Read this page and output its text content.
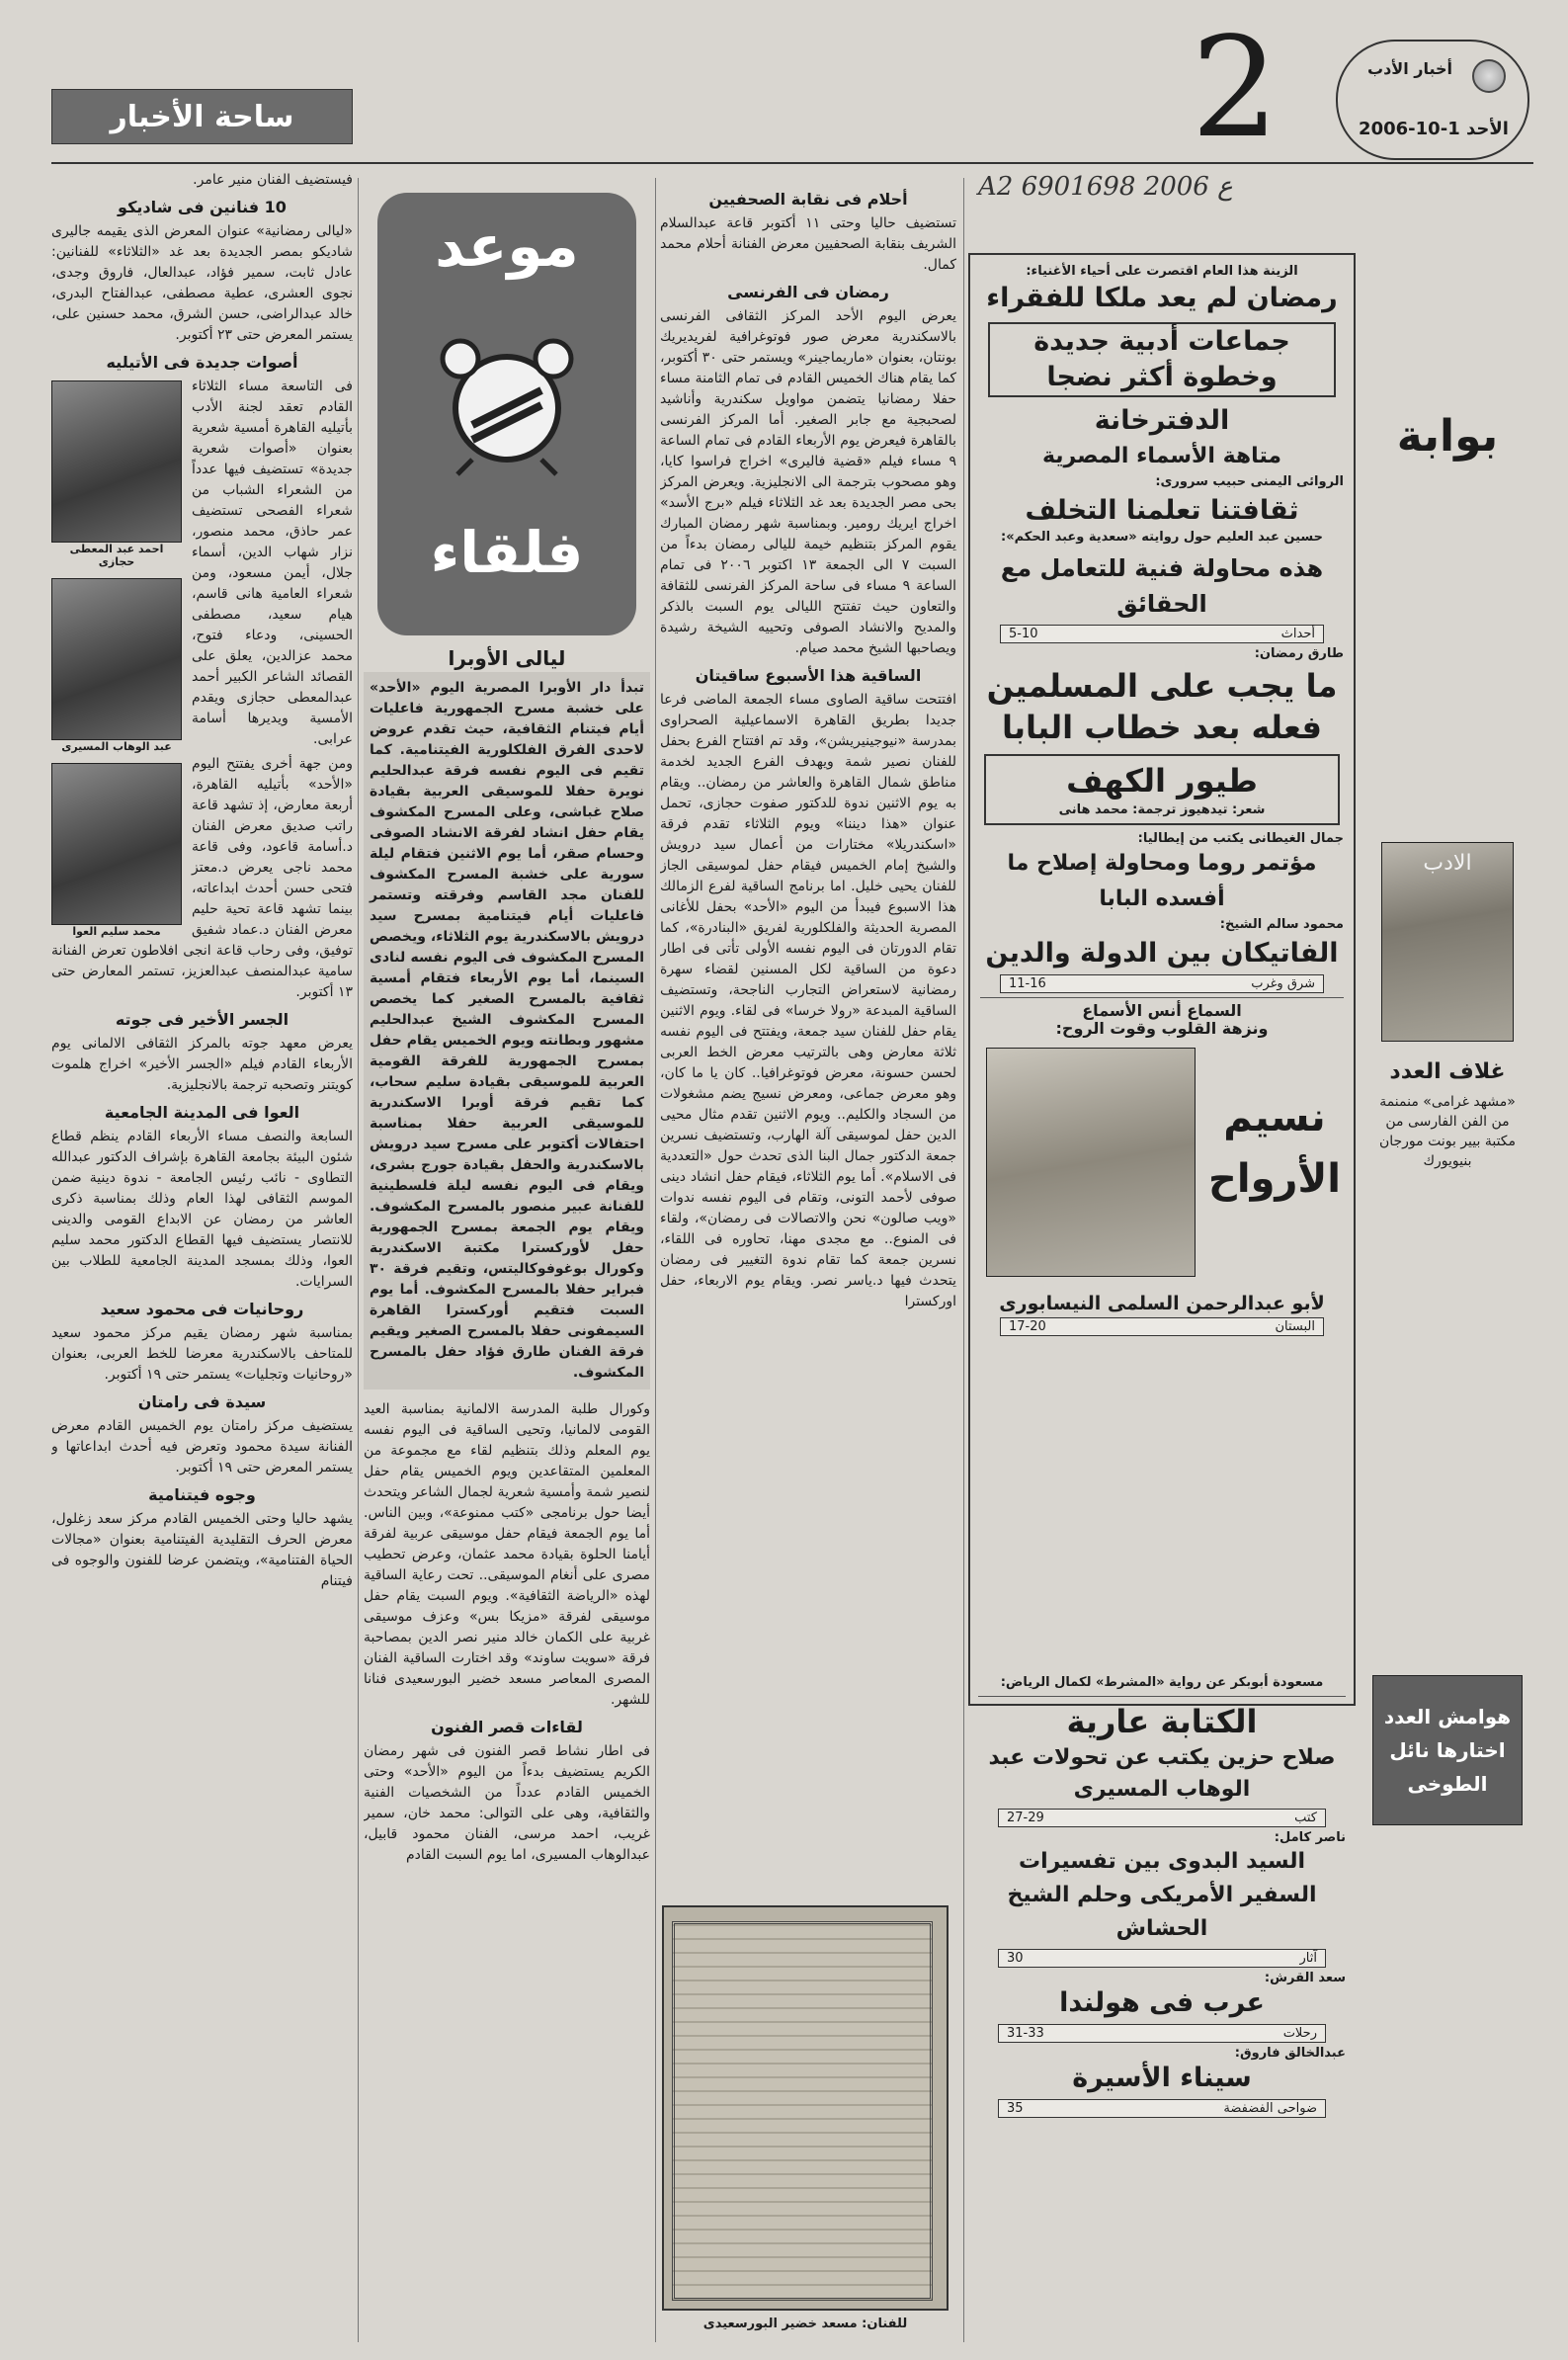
أخبار الأدب
الأحد 1-10-2006
2
A2 690ع 2006 1698
ساحة الأخبار
بوابة
الادب
غلاف العدد
«مشهد غرامى» منمنمة من الفن الفارسى من مكتبة بيير بونت مورجان بنيويورك
هوامش العدد اختارها نائل الطوخى
الزينة هذا العام اقتصرت على أحياء الأغنياء:
رمضان لم يعد ملكا للفقراء
جماعات أدبية جديدة وخطوة أكثر نضجا
الدفترخانة
متاهة الأسماء المصرية
الروائى اليمنى حبيب سرورى:
ثقافتنا تعلمنا التخلف
حسين عبد العليم حول روايته «سعدية وعبد الحكم»:
هذه محاولة فنية للتعامل مع الحقائق
أحداث
5-10
طارق رمضان:
ما يجب على المسلمين فعله بعد خطاب البابا
طيور الكهف
شعر: تيدهيوز ترجمة: محمد هانى
جمال الغيطانى يكتب من إيطاليا:
مؤتمر روما ومحاولة إصلاح ما أفسده البابا
محمود سالم الشيخ:
الفاتيكان بين الدولة والدين
شرق وغرب
11-16
السماع أنس الأسماع
ونزهة القلوب وقوت الروح:
نسيم الأرواح
لأبو عبدالرحمن السلمى النيسابورى
البستان
17-20
مسعودة أبوبكر عن رواية «المشرط» لكمال الرياض:
الكتابة عارية
صلاح حزين يكتب عن تحولات عبد الوهاب المسيرى
كتب
27-29
ناصر كامل:
السيد البدوى بين تفسيرات السفير الأمريكى وحلم الشيخ الحشاش
آثار
30
سعد القرش:
عرب فى هولندا
رحلات
31-33
عبدالخالق فاروق:
سيناء الأسيرة
ضواحى الفضفضة
35
أحلام فى نقابة الصحفيين

تستضيف حاليا وحتى ١١ أكتوبر قاعة عبدالسلام الشريف بنقابة الصحفيين معرض الفنانة أحلام محمد كمال.

رمضان فى الفرنسى

يعرض اليوم الأحد المركز الثقافى الفرنسى بالاسكندرية معرض صور فوتوغرافية لفريديريك بونتان، بعنوان «ماريماجينر» ويستمر حتى ٣٠ أكتوبر، كما يقام هناك الخميس القادم فى تمام الثامنة مساء حفلا رمضانيا يتضمن مواويل سكندرية وأناشيد لصحبجية مع جابر الصغير. أما المركز الفرنسى بالقاهرة فيعرض يوم الأربعاء القادم فى تمام الساعة ٩ مساء فيلم «قضية فاليرى» اخراج فراسوا كايا، وهو مصحوب بترجمة الى الانجليزية. ويعرض المركز بحى مصر الجديدة بعد غد الثلاثاء فيلم «برج الأسد» اخراج ايريك رومير. وبمناسبة شهر رمضان المبارك يقوم المركز بتنظيم خيمة لليالى رمضان بدءاً من السبت ٧ الى الجمعة ١٣ اكتوبر ٢٠٠٦ فى تمام الساعة ٩ مساء فى ساحة المركز الفرنسى للثقافة والتعاون حيث تفتتح الليالى يوم السبت بالذكر والمديح والانشاد الصوفى وتحييه الشيخة رشيدة ويصاحبها الشيخ محمد صيام.

الساقية هذا الأسبوع ساقيتان

افتتحت ساقية الصاوى مساء الجمعة الماضى فرعا جديدا بطريق القاهرة الاسماعيلية الصحراوى بمدرسة «نيوجينيريشن»، وقد تم افتتاح الفرع بحفل للفنان نصير شمة ويهدف الفرع الجديد لخدمة مناطق شمال القاهرة والعاشر من رمضان.. ويقام به يوم الاثنين ندوة للدكتور صفوت حجازى، تحمل عنوان «هذا ديننا» ويوم الثلاثاء تقدم فرقة «اسكندريلا» مختارات من أعمال سيد درويش والشيخ إمام الخميس فيقام حفل لموسيقى الجاز للفنان يحيى خليل. اما برنامج الساقية لفرع الزمالك هذا الاسبوع فيبدأ من اليوم «الأحد» بحفل للأغانى المصرية الحديثة والفلكلورية لفريق «البنادرة»، كما تقام الدورتان فى اليوم نفسه الأولى تأتى فى اطار دعوة من الساقية لكل المسنين لقضاء سهرة رمضانية لاستعراض التجارب الناجحة، وتستضيف الساقية المبدعة «رولا خرسا» فى لقاء. ويوم الاثنين يقام حفل للفنان سيد جمعة، ويفتتح فى اليوم نفسه ثلاثة معارض وهى بالترتيب معرض الخط العربى لحسن حسونة، معرض فوتوغرافيا.. كان يا ما كان، وهو معرض جماعى، ومعرض نسيج يضم مشغولات من السجاد والكليم.. ويوم الاثنين تقدم مثال محيى الدين حفل لموسيقى آلة الهارب، وتستضيف نسرين جمعة الدكتور جمال البنا الذى تحدث حول «التعددية فى الاسلام». أما يوم الثلاثاء، فيقام حفل انشاد دينى صوفى لأحمد التونى، وتقام فى اليوم نفسه ندوات «ويب صالون» نحن والاتصالات فى رمضان»، ولقاء فى المنوع.. مع مجدى مهنا، تحاوره فى اللقاء، نسرين جمعة كما تقام ندوة التغيير فى رمضان يتحدث فيها د.ياسر نصر. ويقام يوم الاربعاء، حفل اوركسترا

موعد
فلقاء
ليالى الأوبرا

تبدأ دار الأوبرا المصرية اليوم «الأحد» على خشبة مسرح الجمهورية فاعليات أيام فيتنام الثقافية، حيث تقدم عروض لاحدى الفرق الفلكلورية الفيتنامية. كما تقيم فى اليوم نفسه فرقة عبدالحليم نويرة حفلا للموسيقى العربية بقيادة صلاح غباشى، وعلى المسرح المكشوف يقام حفل انشاد لفرقة الانشاد الصوفى وحسام صقر، أما يوم الاثنين فتقام ليلة سورية على خشبة المسرح المكشوف للفنان مجد القاسم وفرقته وتستمر فاعليات أيام فيتنامية بمسرح سيد درويش بالاسكندرية يوم الثلاثاء، ويخصص المسرح المكشوف فى اليوم نفسه لنادى السينما، أما يوم الأربعاء فتقام أمسية ثقافية بالمسرح الصغير كما يخصص المسرح المكشوف الشيخ عبدالحليم مشهور وبطانته ويوم الخميس يقام حفل بمسرح الجمهورية للفرقة القومية العربية للموسيقى بقيادة سليم سحاب، كما تقيم فرقة أوبرا الاسكندرية للموسيقى العربية حفلا بمناسبة احتفالات أكتوبر على مسرح سيد درويش بالاسكندرية والحفل بقيادة جورج بشرى، ويقام فى اليوم نفسه ليلة فلسطينية للفنانة عبير منصور بالمسرح المكشوف. ويقام يوم الجمعة بمسرح الجمهورية حفل لأوركسترا مكتبة الاسكندرية وكورال بوغوفوكاليتس، وتقيم فرقة ٣٠ فبراير حفلا بالمسرح المكشوف. أما يوم السبت فتقيم أوركسترا القاهرة السيمفونى حفلا بالمسرح الصغير ويقيم فرقة الفنان طارق فؤاد حفل بالمسرح المكشوف.

وكورال طلبة المدرسة الالمانية بمناسبة العيد القومى لالمانيا، وتحيى الساقية فى اليوم نفسه يوم المعلم وذلك بتنظيم لقاء مع مجموعة من المعلمين المتقاعدين ويوم الخميس يقام حفل لنصير شمة وأمسية شعرية لجمال الشاعر ويتحدث أيضا حول برنامجى «كتب ممنوعة»، وبين الناس. أما يوم الجمعة فيقام حفل موسيقى عربية لفرقة أيامنا الحلوة بقيادة محمد عثمان، وعرض تحطيب مصرى على أنغام الموسيقى.. تحت رعاية الساقية لهذه «الرياضة الثقافية». ويوم السبت يقام حفل موسيقى لفرقة «مزيكا بس» وعزف موسيقى غربية على الكمان خالد منير نصر الدين بمصاحبة فرقة «سويت ساوند» وقد اختارت الساقية الفنان المصرى المعاصر مسعد خضير البورسعيدى فنانا للشهر.

لقاءات قصر الفنون

فى اطار نشاط قصر الفنون فى شهر رمضان الكريم يستضيف بدءاً من اليوم «الأحد» وحتى الخميس القادم عدداً من الشخصيات الفنية والثقافية، وهى على التوالى: محمد خان، سمير غريب، احمد مرسى، الفنان محمود قابيل، عبدالوهاب المسيرى، اما يوم السبت القادم

للفنان: مسعد خضير البورسعيدى

فيستضيف الفنان منير عامر.

10 فنانين فى شاديكو

«ليالى رمضانية» عنوان المعرض الذى يقيمه جاليرى شاديكو بمصر الجديدة بعد غد «الثلاثاء» للفنانين: عادل ثابت، سمير فؤاد، عبدالعال، فاروق وجدى، نجوى العشرى، عطية مصطفى، عبدالفتاح البدرى، خالد عبدالراضى، حسن الشرق، محمد حسنين على، يستمر المعرض حتى ٢٣ أكتوبر.

أصوات جديدة فى الأتيليه
احمد عبد المعطى حجازى
عبد الوهاب المسيرى
محمد سليم العوا

فى التاسعة مساء الثلاثاء القادم تعقد لجنة الأدب بأتيليه القاهرة أمسية شعرية بعنوان «أصوات شعرية جديدة» تستضيف فيها عدداً من الشعراء الشباب من شعراء الفصحى تستضيف عمر حاذق، محمد منصور، نزار شهاب الدين، أسماء جلال، أيمن مسعود، ومن شعراء العامية هانى قاسم، هيام سعيد، مصطفى الحسينى، ودعاء فتوح، محمد عزالدين، يعلق على القصائد الشاعر الكبير أحمد عبدالمعطى حجازى ويقدم الأمسية ويديرها أسامة عرابى.

ومن جهة أخرى يفتتح اليوم «الأحد» بأتيليه القاهرة، أربعة معارض، إذ تشهد قاعة راتب صديق معرض الفنان د.أسامة قاعود، وفى قاعة محمد ناجى يعرض د.معتز فتحى حسن أحدث ابداعاته، بينما تشهد قاعة تحية حليم معرض الفنان د.عماد شفيق توفيق، وفى رحاب قاعة انجى افلاطون تعرض الفنانة سامية عبدالمنصف عبدالعزيز، تستمر المعارض حتى ١٣ أكتوبر.

الجسر الأخير فى جوته

يعرض معهد جوته بالمركز الثقافى الالمانى يوم الأربعاء القادم فيلم «الجسر الأخير» اخراج هلموت كويتنر وتصحبه ترجمة بالانجليزية.

العوا فى المدينة الجامعية

السابعة والنصف مساء الأربعاء القادم ينظم قطاع شئون البيئة بجامعة القاهرة بإشراف الدكتور عبدالله التطاوى - نائب رئيس الجامعة - ندوة دينية ضمن الموسم الثقافى لهذا العام وذلك بمناسبة ذكرى العاشر من رمضان عن الابداع القومى والدينى للانتصار يستضيف فيها القطاع الدكتور محمد سليم العوا، وذلك بمسجد المدينة الجامعية للطلاب بين السرايات.

روحانيات فى محمود سعيد

بمناسبة شهر رمضان يقيم مركز محمود سعيد للمتاحف بالاسكندرية معرضا للخط العربى، بعنوان «روحانيات وتجليات» يستمر حتى ١٩ أكتوبر.

سيدة فى رامتان

يستضيف مركز رامتان يوم الخميس القادم معرض الفنانة سيدة محمود وتعرض فيه أحدث ابداعاتها و يستمر المعرض حتى ١٩ أكتوبر.

وجوه فيتنامية

يشهد حاليا وحتى الخميس القادم مركز سعد زغلول، معرض الحرف التقليدية الفيتنامية بعنوان «مجالات الحياة الفتنامية»، ويتضمن عرضا للفنون والوجوه فى فيتنام
